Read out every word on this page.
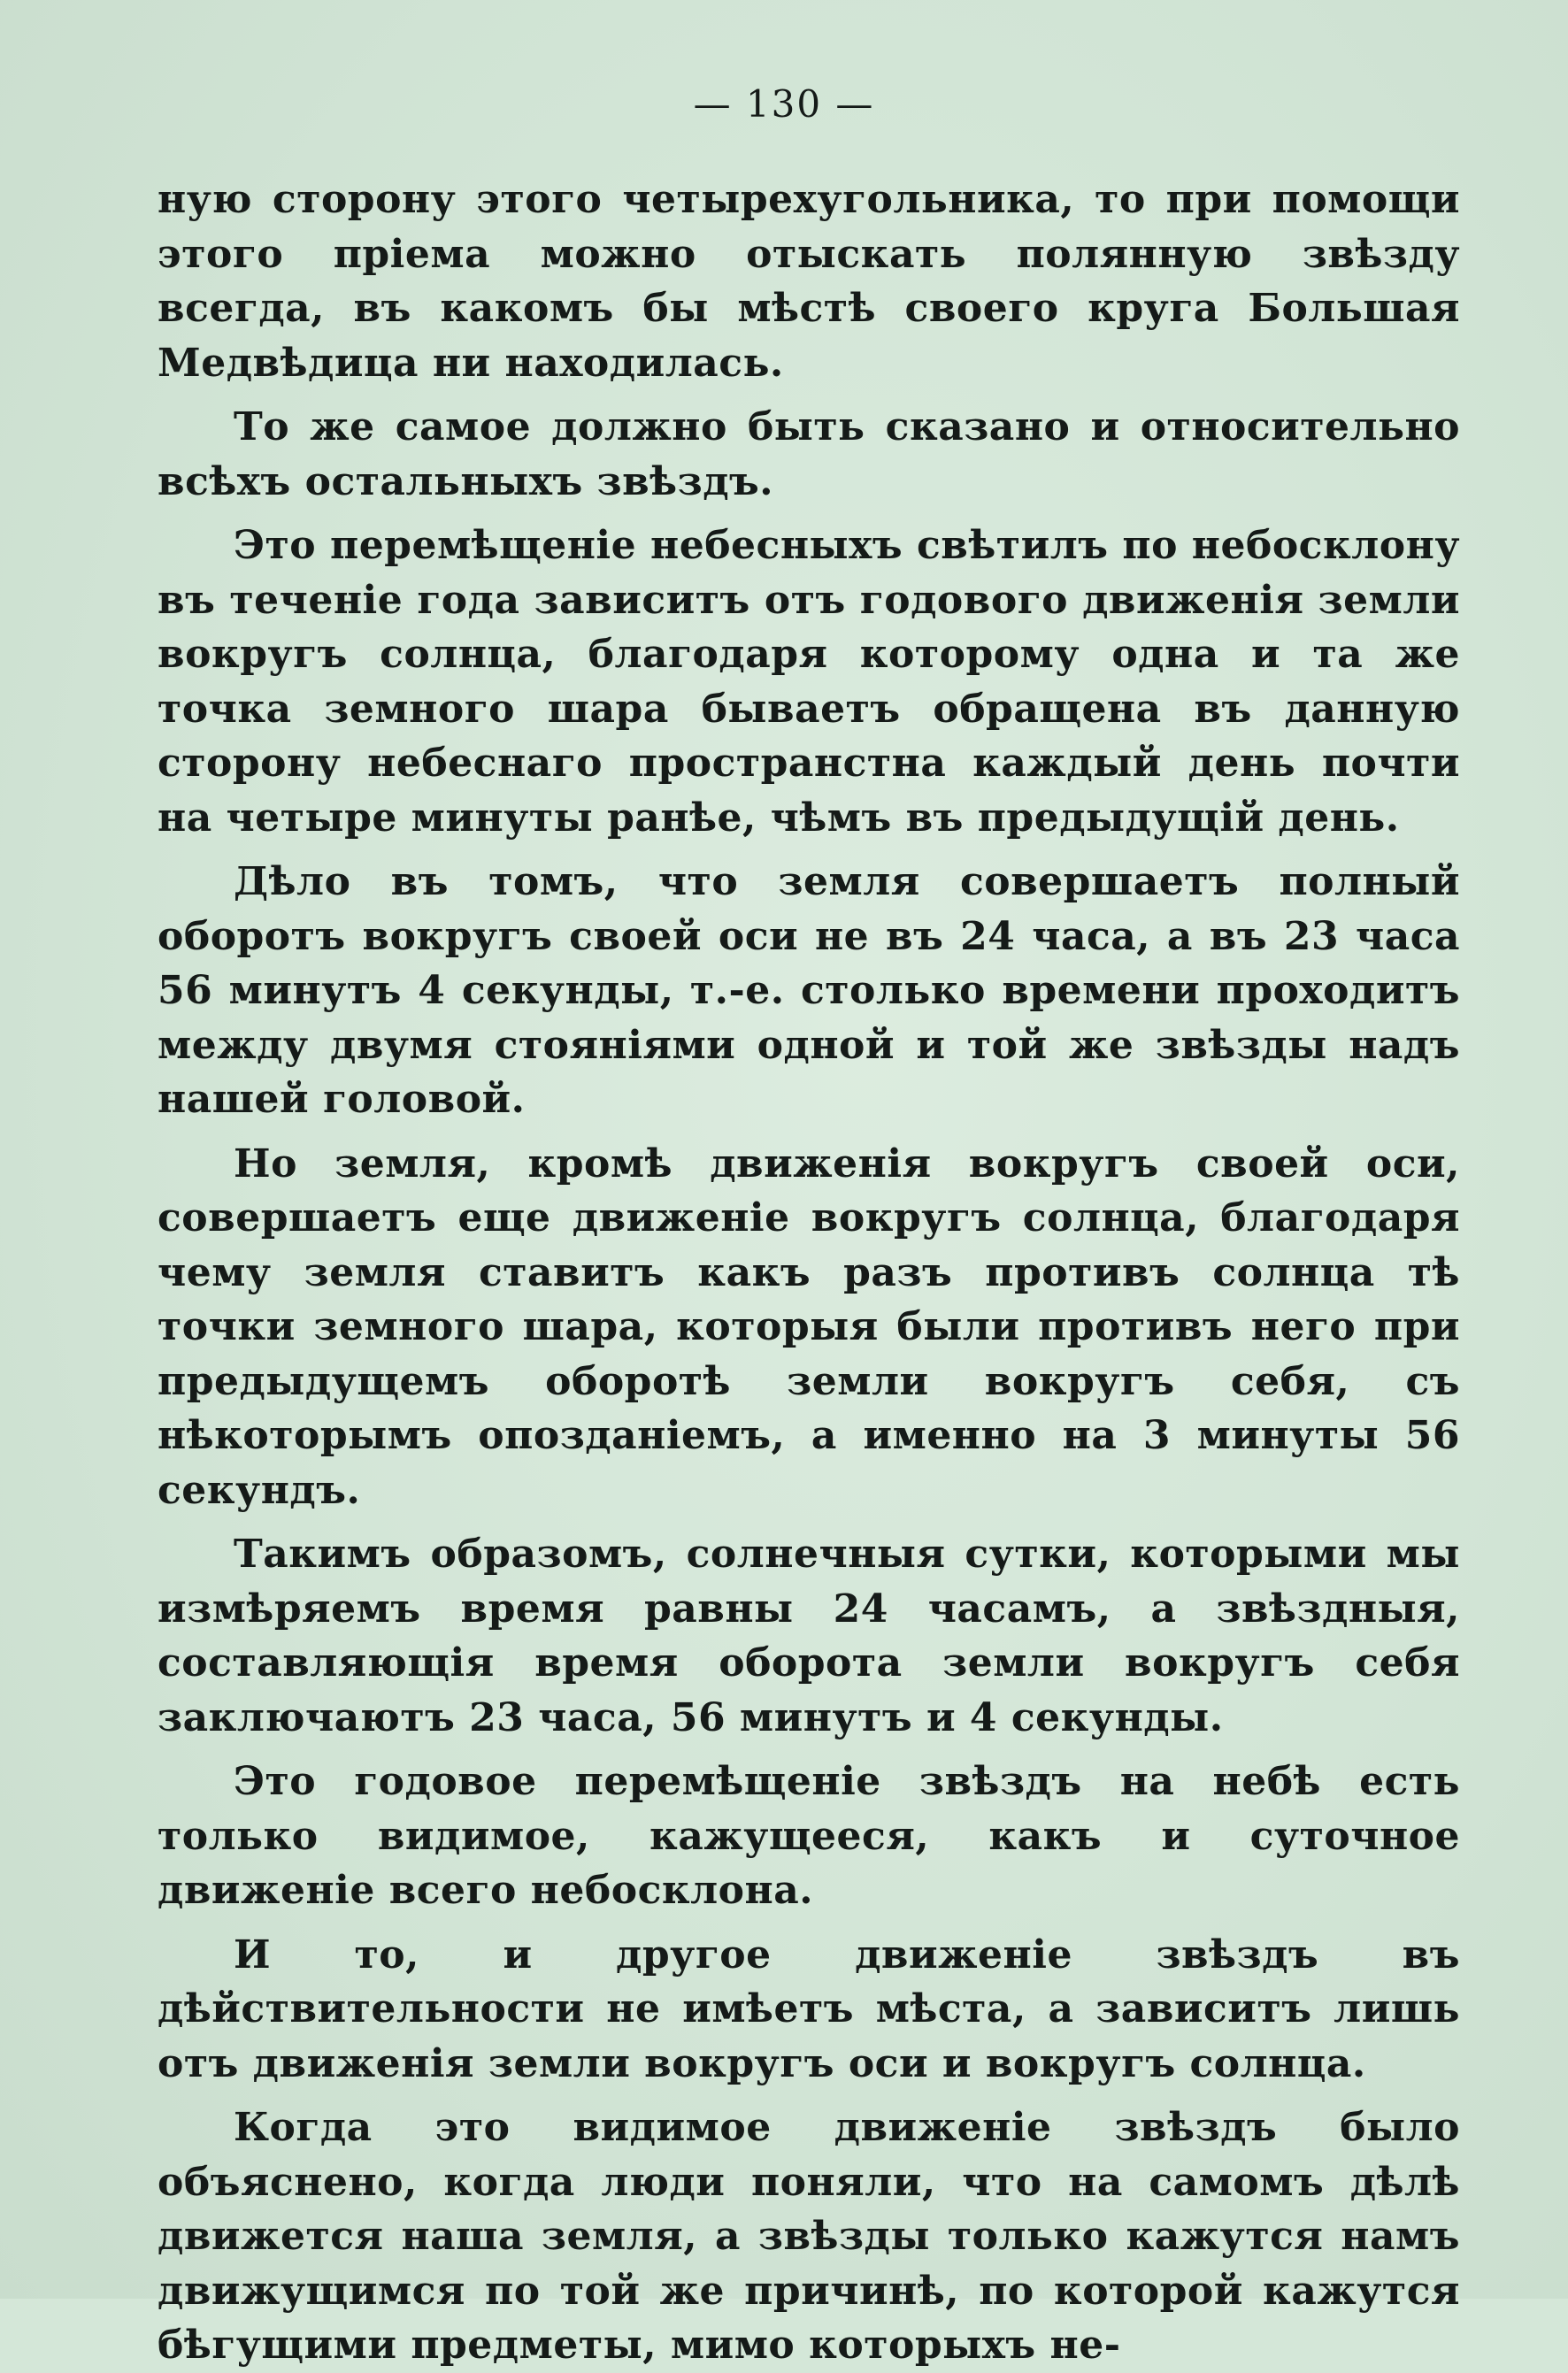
— 130 —

ную сторону этого четырехугольника, то при помощи этого пріема можно отыскать полянную звѣзду всегда, въ какомъ бы мѣстѣ своего круга Большая Медвѣдица ни находилась.

То же самое должно быть сказано и относительно всѣхъ остальныхъ звѣздъ.

Это перемѣщеніе небесныхъ свѣтилъ по небосклону въ теченіе года зависитъ отъ годового движенія земли вокругъ солнца, благодаря которому одна и та же точка земного шара бываетъ обращена въ данную сторону небеснаго пространстна каждый день почти на четыре минуты ранѣе, чѣмъ въ предыдущій день.

Дѣло въ томъ, что земля совершаетъ полный оборотъ вокругъ своей оси не въ 24 часа, а въ 23 часа 56 минутъ 4 секунды, т.-е. столько времени проходитъ между двумя стояніями одной и той же звѣзды надъ нашей головой.

Но земля, кромѣ движенія вокругъ своей оси, совершаетъ еще движеніе вокругъ солнца, благодаря чему земля ставитъ какъ разъ противъ солнца тѣ точки земного шара, которыя были противъ него при предыдущемъ оборотѣ земли вокругъ себя, съ нѣкоторымъ опозданіемъ, а именно на 3 минуты 56 секундъ.

Такимъ образомъ, солнечныя сутки, которыми мы измѣряемъ время равны 24 часамъ, а звѣздныя, составляющія время оборота земли вокругъ себя заключаютъ 23 часа, 56 минутъ и 4 секунды.

Это годовое перемѣщеніе звѣздъ на небѣ есть только видимое, кажущееся, какъ и суточное движеніе всего небосклона.

И то, и другое движеніе звѣздъ въ дѣйствительности не имѣетъ мѣста, а зависитъ лишь отъ движенія земли вокругъ оси и вокругъ солнца.

Когда это видимое движеніе звѣздъ было объяснено, когда люди поняли, что на самомъ дѣлѣ движется наша земля, а звѣзды только кажутся намъ движущимся по той же причинѣ, по которой кажутся бѣгущими предметы, мимо которыхъ не-
